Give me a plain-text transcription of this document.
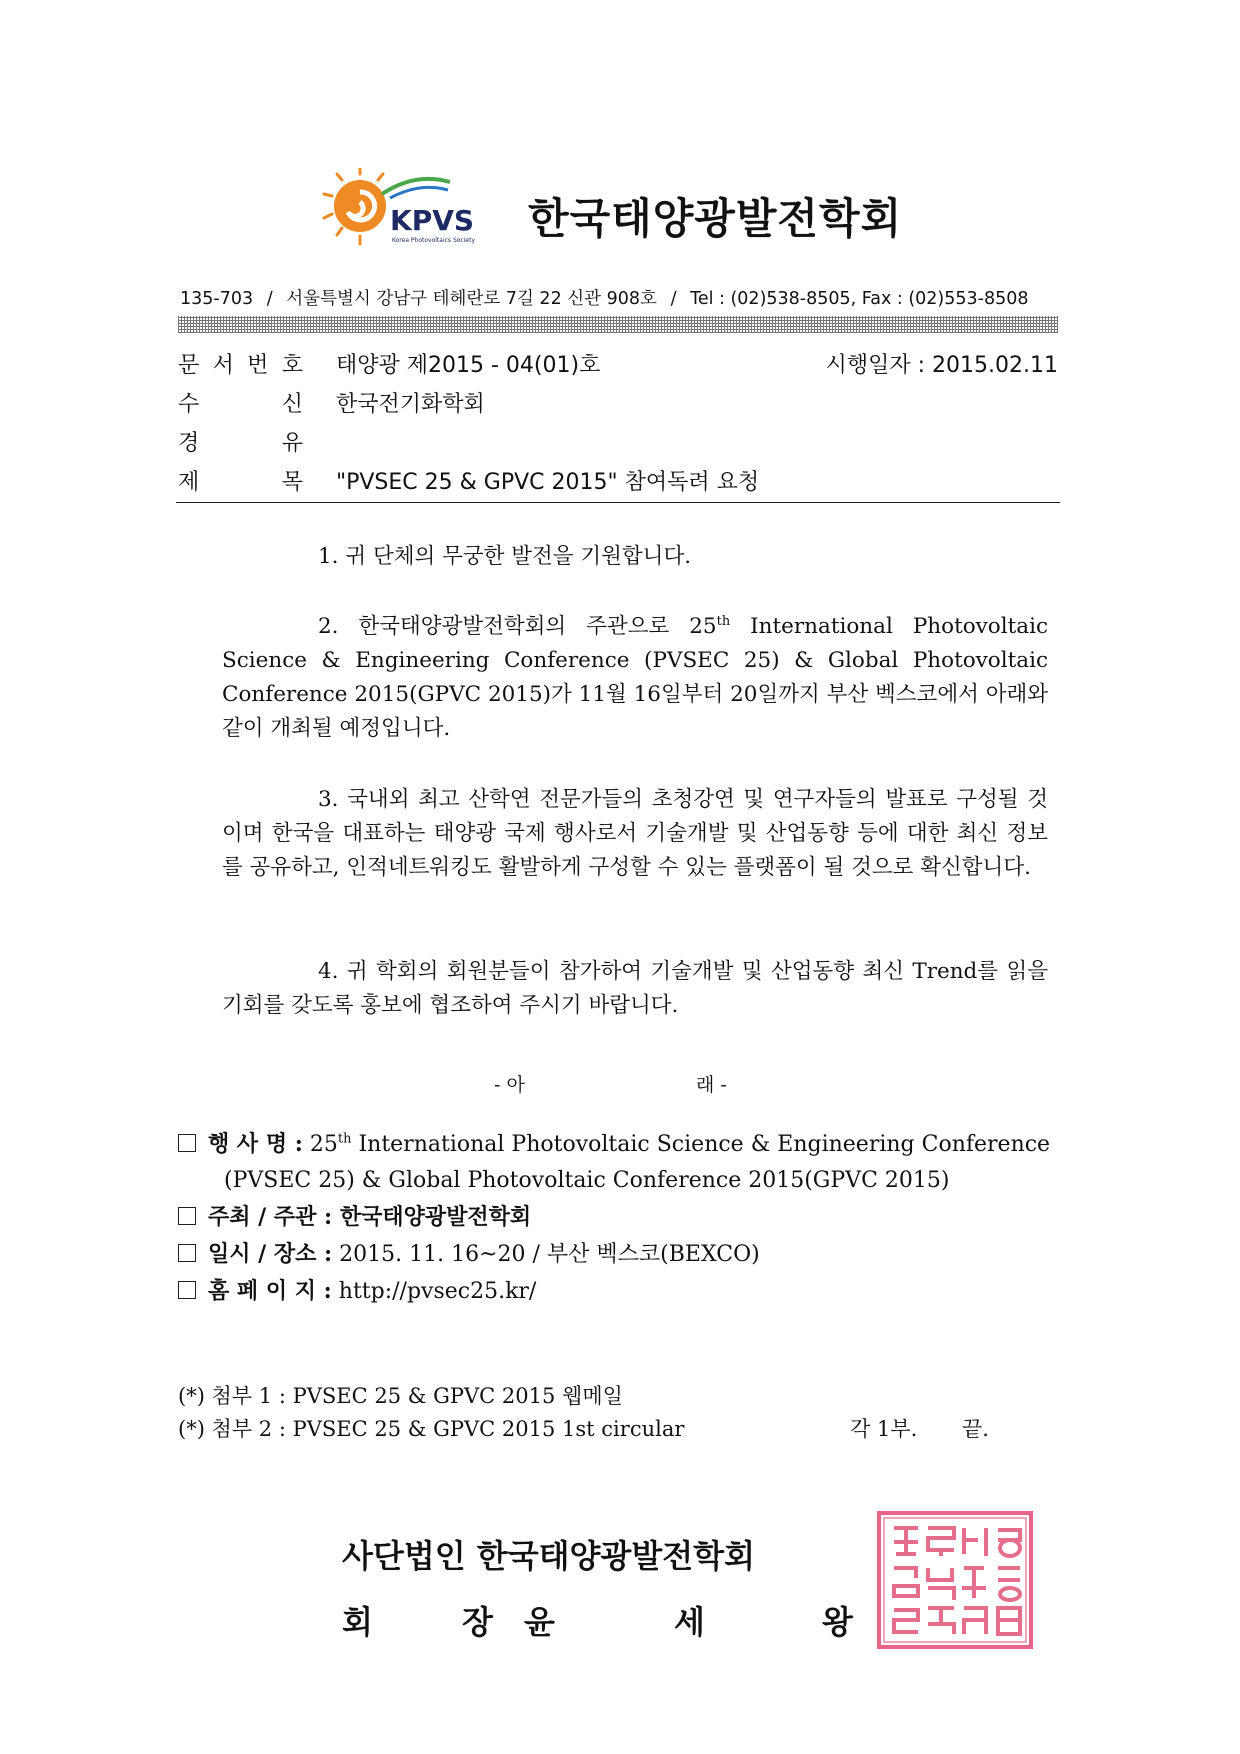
KPVS
Korea Photovoltaics Society 한국태양광발전학회
135-703 / 서울특별시 강남구 테헤란로 7길 22 신관 908호 / Tel : (02)538-8505, Fax : (02)553-8508
문 서 번 호 태양광 제2015 - 04(01)호	시행일자 : 2015.02.11
수	신 한국전기화학회
경	유
제	목 "PVSEC 25 & GPVC 2015" 참여독려 요청
1. 귀 단체의 무궁한 발전을 기원합니다.
2. 한국태양광발전학회의 주관으로 25th International Photovoltaic Science & Engineering Conference (PVSEC 25) & Global Photovoltaic Conference 2015(GPVC 2015)가 11월 16일부터 20일까지 부산 벡스코에서 아래와 같이 개최될 예정입니다.
3. 국내외 최고 산학연 전문가들의 초청강연 및 연구자들의 발표로 구성될 것이며 한국을 대표하는 태양광 국제 행사로서 기술개발 및 산업동향 등에 대한 최신 정보를 공유하고, 인적네트워킹도 활발하게 구성할 수 있는 플랫폼이 될 것으로 확신합니다.
4. 귀 학회의 회원분들이 참가하여 기술개발 및 산업동향 최신 Trend를 읽을 기회를 갖도록 홍보에 협조하여 주시기 바랍니다.
- 아	래 -
행 사 명 : 25th International Photovoltaic Science & Engineering Conference
(PVSEC 25) & Global Photovoltaic Conference 2015(GPVC 2015)
주최 / 주관 : 한국태양광발전학회
일시 / 장소 : 2015. 11. 16~20 / 부산 벡스코(BEXCO)
홈 페 이 지 : http://pvsec25.kr/
(*) 첨부 1 : PVSEC 25 & GPVC 2015 웹메일
(*) 첨부 2 : PVSEC 25 & GPVC 2015 1st circular	각 1부. 끝.
사단법인 한국태양광발전학회
회	장 윤	세	왕
